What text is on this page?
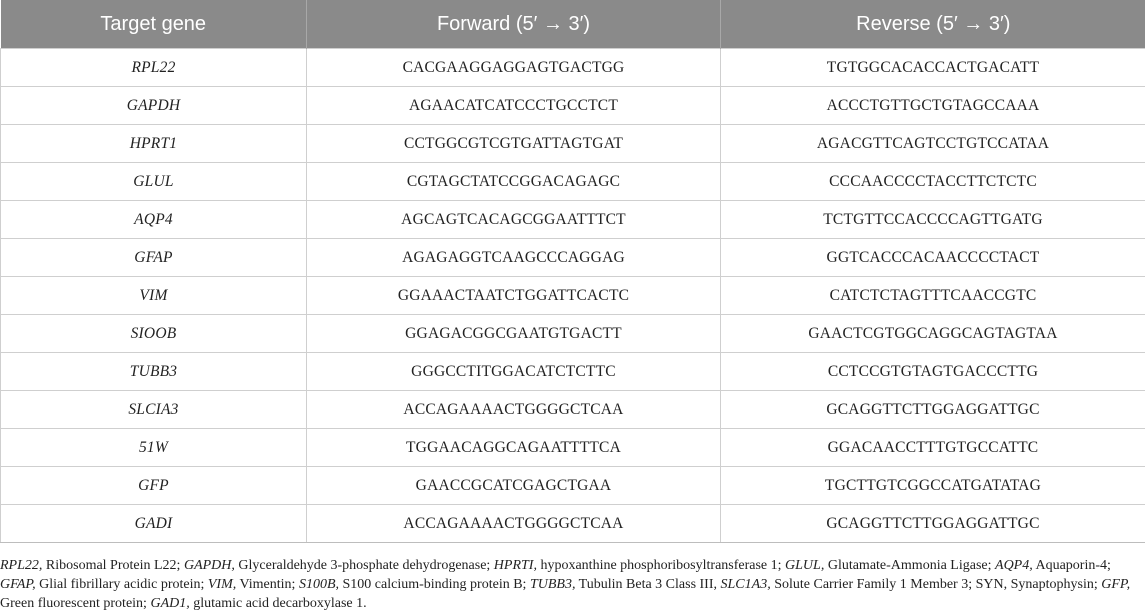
Target gene	Forward (5′ → 3′)	Reverse (5′ → 3′)
RPL22	CACGAAGGAGGAGTGACTGG	TGTGGCACACCACTGACATT
GAPDH	AGAACATCATCCCTGCCTCT	ACCCTGTTGCTGTAGCCAAA
HPRT1	CCTGGCGTCGTGATTAGTGAT	AGACGTTCAGTCCTGTCCATAA
GLUL	CGTAGCTATCCGGACAGAGC	CCCAACCCCTACCTTCTCTC
AQP4	AGCAGTCACAGCGGAATTTCT	TCTGTTCCACCCCAGTTGATG
GFAP	AGAGAGGTCAAGCCCAGGAG	GGTCACCCACAACCCCTACT
VIM	GGAAACTAATCTGGATTCACTC	CATCTCTAGTTTCAACCGTC
SIOOB	GGAGACGGCGAATGTGACTT	GAACTCGTGGCAGGCAGTAGTAA
TUBB3	GGGCCTITGGACATCTCTTC	CCTCCGTGTAGTGACCCTTG
SLCIA3	ACCAGAAAACTGGGGCTCAA	GCAGGTTCTTGGAGGATTGC
51W	TGGAACAGGCAGAATTTTCA	GGACAACCTTTGTGCCATTC
GFP	GAACCGCATCGAGCTGAA	TGCTTGTCGGCCATGATATAG
GADI	ACCAGAAAACTGGGGCTCAA	GCAGGTTCTTGGAGGATTGC
RPL22, Ribosomal Protein L22; GAPDH, Glyceraldehyde 3-phosphate dehydrogenase; HPRTI, hypoxanthine phosphoribosyltransferase 1; GLUL, Glutamate-Ammonia Ligase; AQP4, Aquaporin-4; GFAP, Glial fibrillary acidic protein; VIM, Vimentin; S100B, S100 calcium-binding protein B; TUBB3, Tubulin Beta 3 Class III, SLC1A3, Solute Carrier Family 1 Member 3; SYN, Synaptophysin; GFP, Green fluorescent protein; GAD1, glutamic acid decarboxylase 1.
